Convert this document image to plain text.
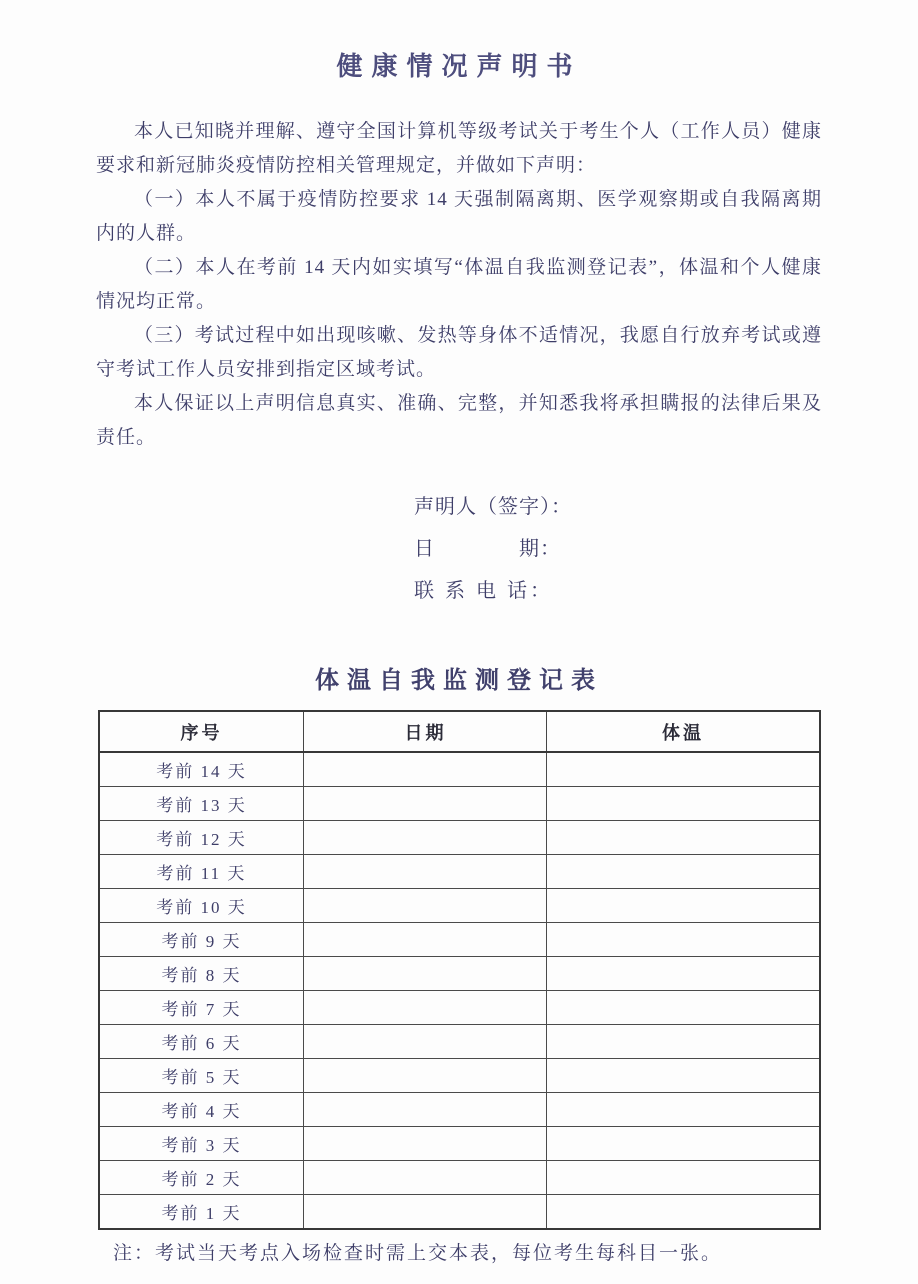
健康情况声明书

本人已知晓并理解、遵守全国计算机等级考试关于考生个人（工作人员）健康要求和新冠肺炎疫情防控相关管理规定，并做如下声明：

（一）本人不属于疫情防控要求 14 天强制隔离期、医学观察期或自我隔离期内的人群。

（二）本人在考前 14 天内如实填写“体温自我监测登记表”，体温和个人健康情况均正常。

（三）考试过程中如出现咳嗽、发热等身体不适情况，我愿自行放弃考试或遵守考试工作人员安排到指定区域考试。

本人保证以上声明信息真实、准确、完整，并知悉我将承担瞒报的法律后果及责任。

声明人（签字）：
日　　　　期：
联 系 电 话：
体温自我监测登记表
序号	日期	体温
考前 14 天		
考前 13 天		
考前 12 天		
考前 11 天		
考前 10 天		
考前 9 天		
考前 8 天		
考前 7 天		
考前 6 天		
考前 5 天		
考前 4 天		
考前 3 天		
考前 2 天		
考前 1 天		

注：考试当天考点入场检查时需上交本表，每位考生每科目一张。
